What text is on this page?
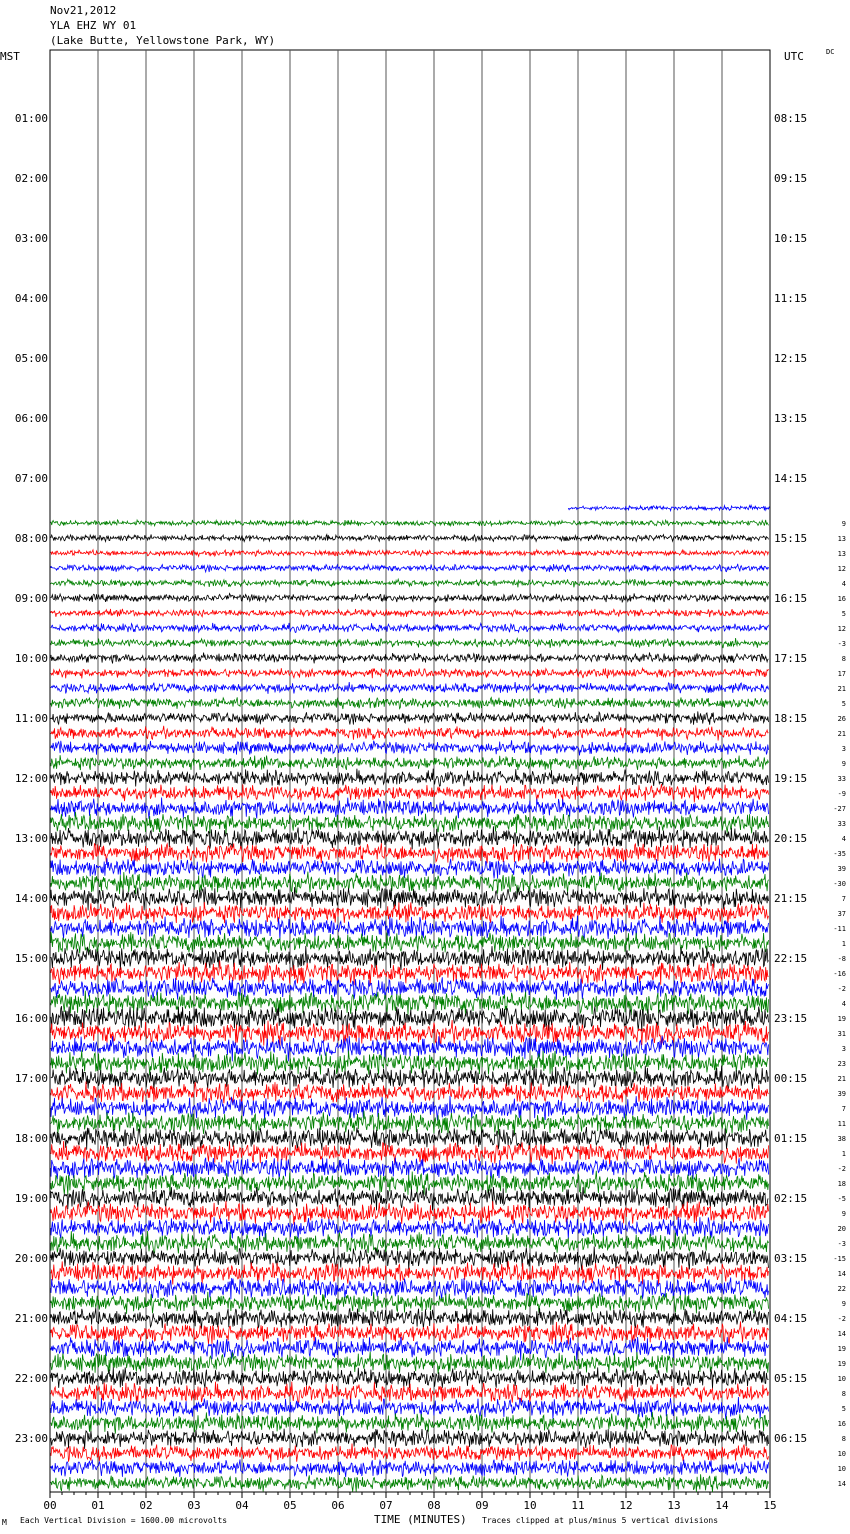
Nov21,2012
YLA EHZ WY 01
(Lake Butte, Yellowstone Park, WY)
MST	UTC	DC
00	01	02	03	04	05	06	07	08	09	10	11	12	13	14	15
01:00
02:00
03:00
04:00
05:00
06:00
07:00
08:00
09:00
10:00
11:00
12:00
13:00
14:00
15:00
16:00
17:00
18:00
19:00
20:00
21:00
22:00
23:00
08:15
09:15
10:15
11:15
12:15
13:15
14:15
15:15
16:15
17:15
18:15
19:15
20:15
21:15
22:15
23:15
00:15
01:15
02:15
03:15
04:15
05:15
06:15
9
13
13
12
4
16
5
12
-3
8
17
21
5
26
21
3
9
33
-9
-27
33
4
-35
39
-30
7
37
-11
1
-8
-16
-2
4
19
31
3
23
21
39
7
11
38
1
-2
18
-5
9
20
-3
-15
14
22
9
-2
14
19
19
10
8
5
16
8
10
10
14
M Each Vertical Division = 1600.00 microvolts	TIME (MINUTES) Traces clipped at plus/minus 5 vertical divisions
